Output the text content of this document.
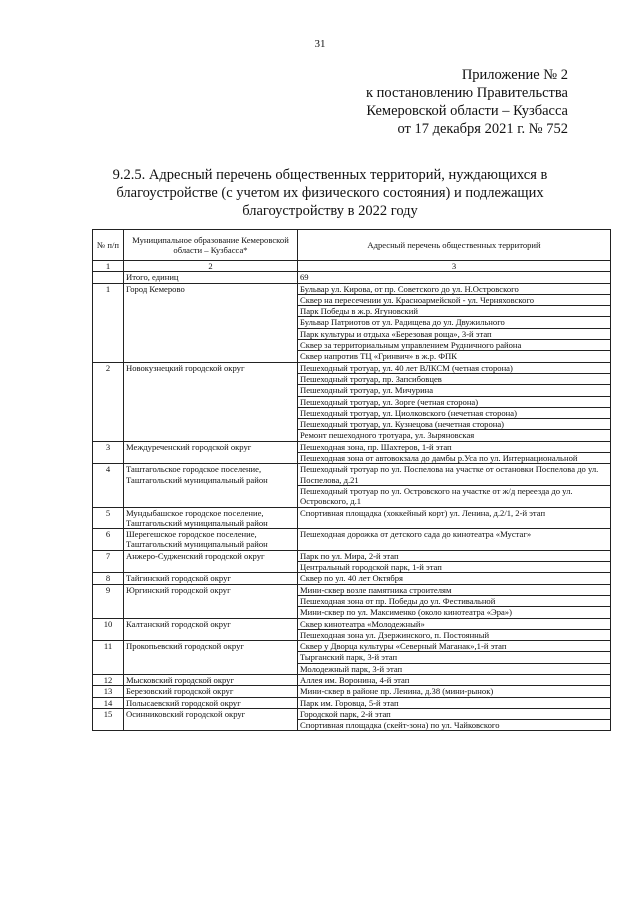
31
Приложение № 2
к постановлению Правительства
Кемеровской области – Кузбасса
от 17 декабря 2021 г. № 752
9.2.5. Адресный перечень общественных территорий, нуждающихся в благоустройстве (с учетом их физического состояния) и подлежащих благоустройству в 2022 году
№ п/п	Муниципальное образование Кемеровской области – Кузбасса*	Адресный перечень общественных территорий
1	2	3
	Итого, единиц	69
1	Город Кемерово	Бульвар ул. Кирова, от пр. Советского до ул. Н.Островского
		Сквер на пересечении ул. Красноармейской - ул. Черняховского
		Парк Победы в ж.р. Ягуновский
		Бульвар Патриотов от ул. Радищева до ул. Двужильного
		Парк культуры и отдыха «Березовая роща», 3-й этап
		Сквер за территориальным управлением Рудничного района
		Сквер напротив ТЦ «Гринвич» в ж.р. ФПК
2	Новокузнецкий городской округ	Пешеходный тротуар, ул. 40 лет ВЛКСМ (четная сторона)
		Пешеходный тротуар, пр. Запсибовцев
		Пешеходный тротуар, ул. Мичурина
		Пешеходный тротуар, ул. Зорге (четная сторона)
		Пешеходный тротуар, ул. Циолковского (нечетная сторона)
		Пешеходный тротуар, ул. Кузнецова (нечетная сторона)
		Ремонт пешеходного тротуара, ул. Зыряновская
3	Междуреченский городской округ	Пешеходная зона, пр. Шахтеров, 1-й этап
		Пешеходная зона от автовокзала до дамбы р.Уса по ул. Интернациональной
4	Таштагольское городское поселение, Таштагольский муниципальный район	Пешеходный тротуар по ул. Поспелова на участке от остановки Поспелова до ул. Поспелова, д.21
		Пешеходный тротуар по ул. Островского на участке от ж/д переезда до ул. Островского, д.1
5	Мундыбашское городское поселение, Таштагольский муниципальный район	Спортивная площадка (хоккейный корт) ул. Ленина, д.2/1, 2-й этап
6	Шерегешское городское поселение, Таштагольский муниципальный район	Пешеходная дорожка от детского сада до кинотеатра «Мустаг»
7	Анжеро-Судженский городской округ	Парк по ул. Мира, 2-й этап
		Центральный городской парк, 1-й этап
8	Тайгинский городской округ	Сквер по ул. 40 лет Октября
9	Юргинский городской округ	Мини-сквер возле памятника строителям
		Пешеходная зона от пр. Победы до ул. Фестивальной
		Мини-сквер по ул. Максименко (около кинотеатра «Эра»)
10	Калтанский городской округ	Сквер кинотеатра «Молодежный»
		Пешеходная зона ул. Дзержинского, п. Постоянный
11	Прокопьевский городской округ	Сквер у Дворца культуры «Северный Маганак»,1-й этап
		Тырганский парк, 3-й этап
		Молодежный парк, 3-й этап
12	Мысковский городской округ	Аллея им. Воронина, 4-й этап
13	Березовский городской округ	Мини-сквер в районе пр. Ленина, д.38 (мини-рынок)
14	Полысаевский городской округ	Парк им. Горовца, 5-й этап
15	Осинниковский городской округ	Городской парк, 2-й этап
		Спортивная площадка (скейт-зона) по ул. Чайковского
